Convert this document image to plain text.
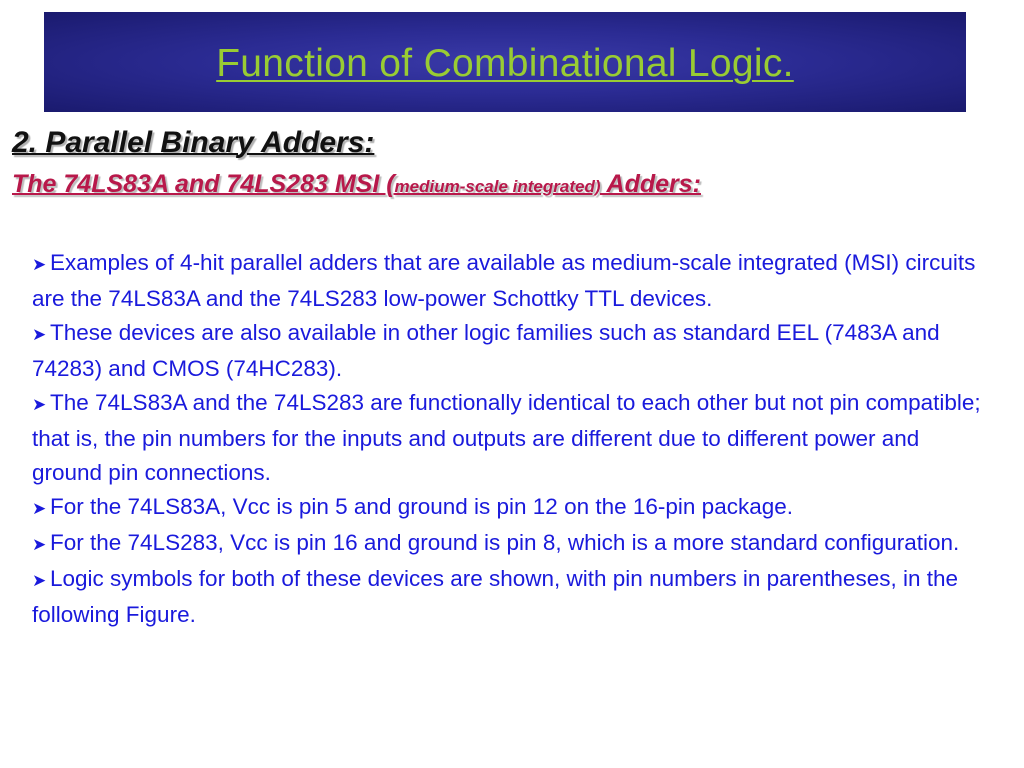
Function of Combinational Logic.
2. Parallel Binary Adders:
The 74LS83A and 74LS283 MSI (medium-scale integrated) Adders:

➤ Examples of 4-hit parallel adders that are available as medium-scale integrated (MSI) circuits are the 74LS83A and the 74LS283 low-power Schottky TTL devices.

➤ These devices are also available in other logic families such as standard EEL (7483A and 74283) and CMOS (74HC283).

➤ The 74LS83A and the 74LS283 are functionally identical to each other but not pin compatible; that is, the pin numbers for the inputs and outputs are different due to different power and ground pin connections.

➤ For the 74LS83A, Vcc is pin 5 and ground is pin 12 on the 16-pin package.

➤ For the 74LS283, Vcc is pin 16 and ground is pin 8, which is a more standard configuration.

➤ Logic symbols for both of these devices are shown, with pin numbers in parentheses, in the following Figure.
